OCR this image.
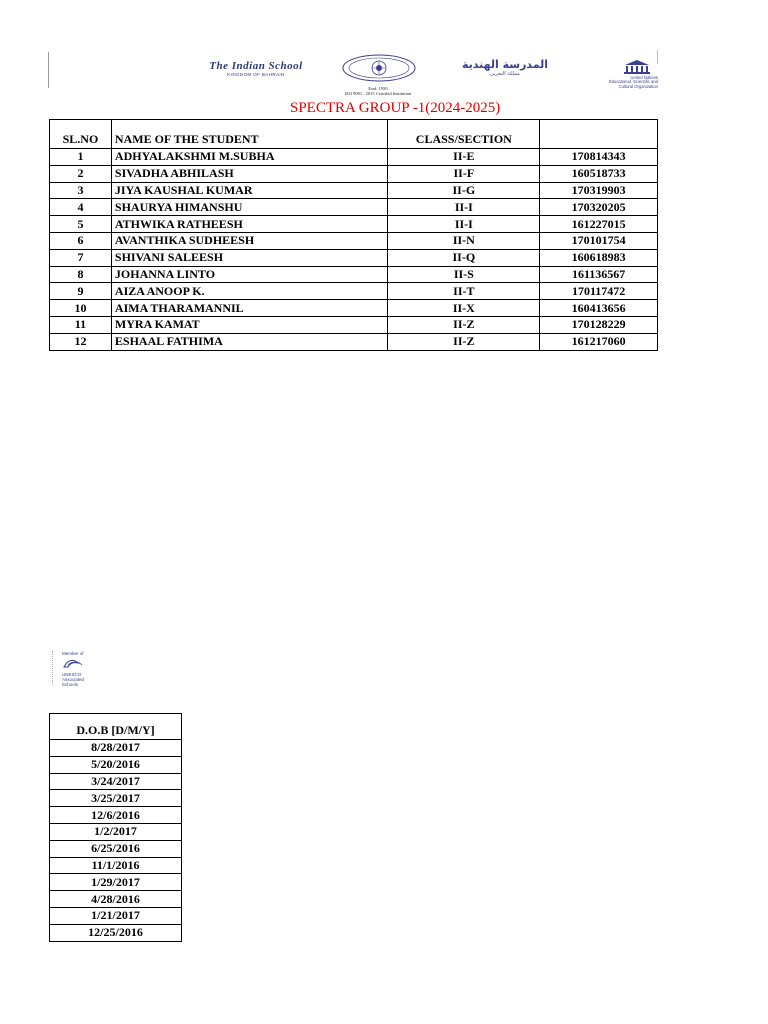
The Indian School
KINGDOM OF BAHRAIN
المدرسة الهندية
مملكة البحرين
Estd. 1950
ISO 9001 : 2015 Certified Institution
United Nations
Educational, Scientific and
Cultural Organization
SPECTRA GROUP -1(2024-2025)
SL.NO	NAME OF THE STUDENT	CLASS/SECTION	
1	ADHYALAKSHMI M.SUBHA	II-E	170814343
2	SIVADHA ABHILASH	II-F	160518733
3	JIYA KAUSHAL KUMAR	II-G	170319903
4	SHAURYA HIMANSHU	II-I	170320205
5	ATHWIKA RATHEESH	II-I	161227015
6	AVANTHIKA SUDHEESH	II-N	170101754
7	SHIVANI SALEESH	II-Q	160618983
8	JOHANNA LINTO	II-S	161136567
9	AIZA ANOOP K.	II-T	170117472
10	AIMA THARAMANNIL	II-X	160413656
11	MYRA KAMAT	II-Z	170128229
12	ESHAAL FATHIMA	II-Z	161217060
Member of
UNESCO
Associated
Schools
D.O.B [D/M/Y]
8/28/2017
5/20/2016
3/24/2017
3/25/2017
12/6/2016
1/2/2017
6/25/2016
11/1/2016
1/29/2017
4/28/2016
1/21/2017
12/25/2016
